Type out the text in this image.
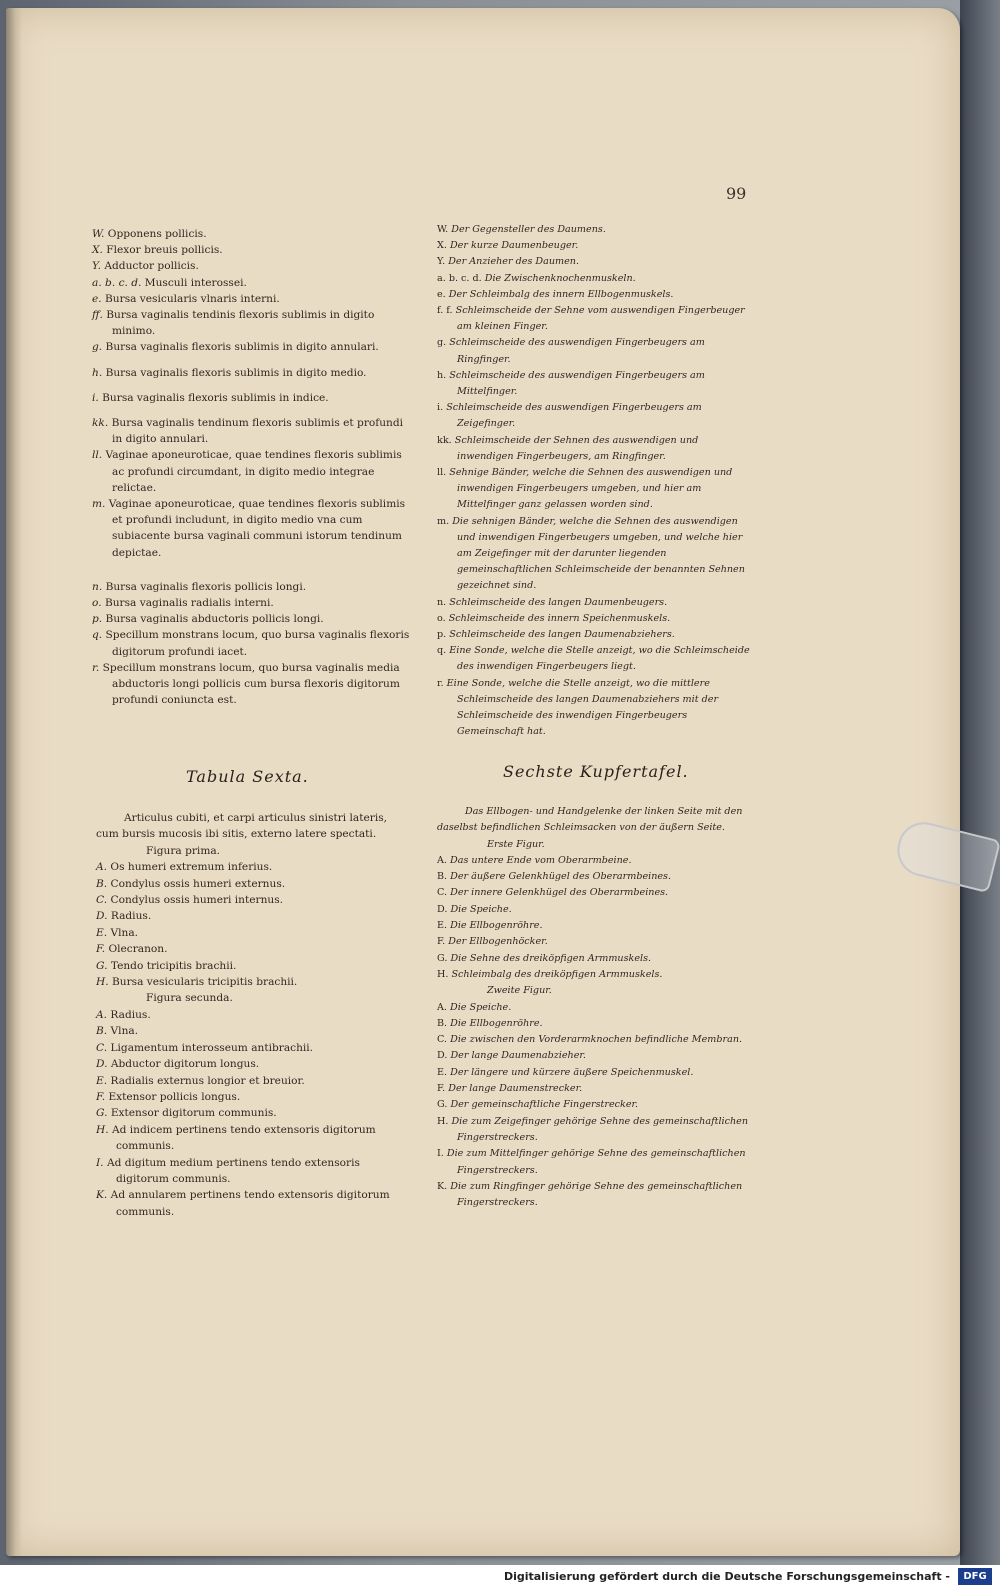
99

W. Opponens pollicis.

X. Flexor breuis pollicis.

Y. Adductor pollicis.

a. b. c. d. Musculi interossei.

e. Bursa vesicularis vlnaris interni.

ff. Bursa vaginalis tendinis flexoris sublimis in digito minimo.

g. Bursa vaginalis flexoris sublimis in digito annulari.

h. Bursa vaginalis flexoris sublimis in digito medio.

i. Bursa vaginalis flexoris sublimis in indice.

kk. Bursa vaginalis tendinum flexoris sublimis et profundi in digito annulari.

ll. Vaginae aponeuroticae, quae tendines flexoris sublimis ac profundi circumdant, in digito medio integrae relictae.

m. Vaginae aponeuroticae, quae tendines flexoris sublimis et profundi includunt, in digito medio vna cum subiacente bursa vaginali communi istorum tendinum depictae.

n. Bursa vaginalis flexoris pollicis longi.

o. Bursa vaginalis radialis interni.

p. Bursa vaginalis abductoris pollicis longi.

q. Specillum monstrans locum, quo bursa vaginalis flexoris digitorum profundi iacet.

r. Specillum monstrans locum, quo bursa vaginalis media abductoris longi pollicis cum bursa flexoris digitorum profundi coniuncta est.

W. Der Gegensteller des Daumens.

X. Der kurze Daumenbeuger.

Y. Der Anzieher des Daumen.

a. b. c. d. Die Zwischenknochenmuskeln.

e. Der Schleimbalg des innern Ellbogenmuskels.

f. f. Schleimscheide der Sehne vom auswendigen Fingerbeuger am kleinen Finger.

g. Schleimscheide des auswendigen Fingerbeugers am Ringfinger.

h. Schleimscheide des auswendigen Fingerbeugers am Mittelfinger.

i. Schleimscheide des auswendigen Fingerbeugers am Zeigefinger.

kk. Schleimscheide der Sehnen des auswendigen und inwendigen Fingerbeugers, am Ringfinger.

ll. Sehnige Bänder, welche die Sehnen des auswendigen und inwendigen Fingerbeugers umgeben, und hier am Mittelfinger ganz gelassen worden sind.

m. Die sehnigen Bänder, welche die Sehnen des auswendigen und inwendigen Fingerbeugers umgeben, und welche hier am Zeigefinger mit der darunter liegenden gemeinschaftlichen Schleimscheide der benannten Sehnen gezeichnet sind.

n. Schleimscheide des langen Daumenbeugers.

o. Schleimscheide des innern Speichenmuskels.

p. Schleimscheide des langen Daumenabziehers.

q. Eine Sonde, welche die Stelle anzeigt, wo die Schleimscheide des inwendigen Fingerbeugers liegt.

r. Eine Sonde, welche die Stelle anzeigt, wo die mittlere Schleimscheide des langen Daumenabziehers mit der Schleimscheide des inwendigen Fingerbeugers Gemeinschaft hat.

Tabula Sexta.	Sechste Kupfertafel.

Articulus cubiti, et carpi articulus sinistri lateris, cum bursis mucosis ibi sitis, externo latere spectati.

Figura prima.

A. Os humeri extremum inferius.

B. Condylus ossis humeri externus.

C. Condylus ossis humeri internus.

D. Radius.

E. Vlna.

F. Olecranon.

G. Tendo tricipitis brachii.

H. Bursa vesicularis tricipitis brachii.

Figura secunda.

A. Radius.

B. Vlna.

C. Ligamentum interosseum antibrachii.

D. Abductor digitorum longus.

E. Radialis externus longior et breuior.

F. Extensor pollicis longus.

G. Extensor digitorum communis.

H. Ad indicem pertinens tendo extensoris digitorum communis.

I. Ad digitum medium pertinens tendo extensoris digitorum communis.

K. Ad annularem pertinens tendo extensoris digitorum communis.

Das Ellbogen- und Handgelenke der linken Seite mit den daselbst befindlichen Schleimsacken von der äußern Seite.

Erste Figur.

A. Das untere Ende vom Oberarmbeine.

B. Der äußere Gelenkhügel des Oberarmbeines.

C. Der innere Gelenkhügel des Oberarmbeines.

D. Die Speiche.

E. Die Ellbogenröhre.

F. Der Ellbogenhöcker.

G. Die Sehne des dreiköpfigen Armmuskels.

H. Schleimbalg des dreiköpfigen Armmuskels.

Zweite Figur.

A. Die Speiche.

B. Die Ellbogenröhre.

C. Die zwischen den Vorderarmknochen befindliche Membran.

D. Der lange Daumenabzieher.

E. Der längere und kürzere äußere Speichenmuskel.

F. Der lange Daumenstrecker.

G. Der gemeinschaftliche Fingerstrecker.

H. Die zum Zeigefinger gehörige Sehne des gemeinschaftlichen Fingerstreckers.

I. Die zum Mittelfinger gehörige Sehne des gemeinschaftlichen Fingerstreckers.

K. Die zum Ringfinger gehörige Sehne des gemeinschaftlichen Fingerstreckers.

Digitalisierung gefördert durch die Deutsche Forschungsgemeinschaft -	DFG
